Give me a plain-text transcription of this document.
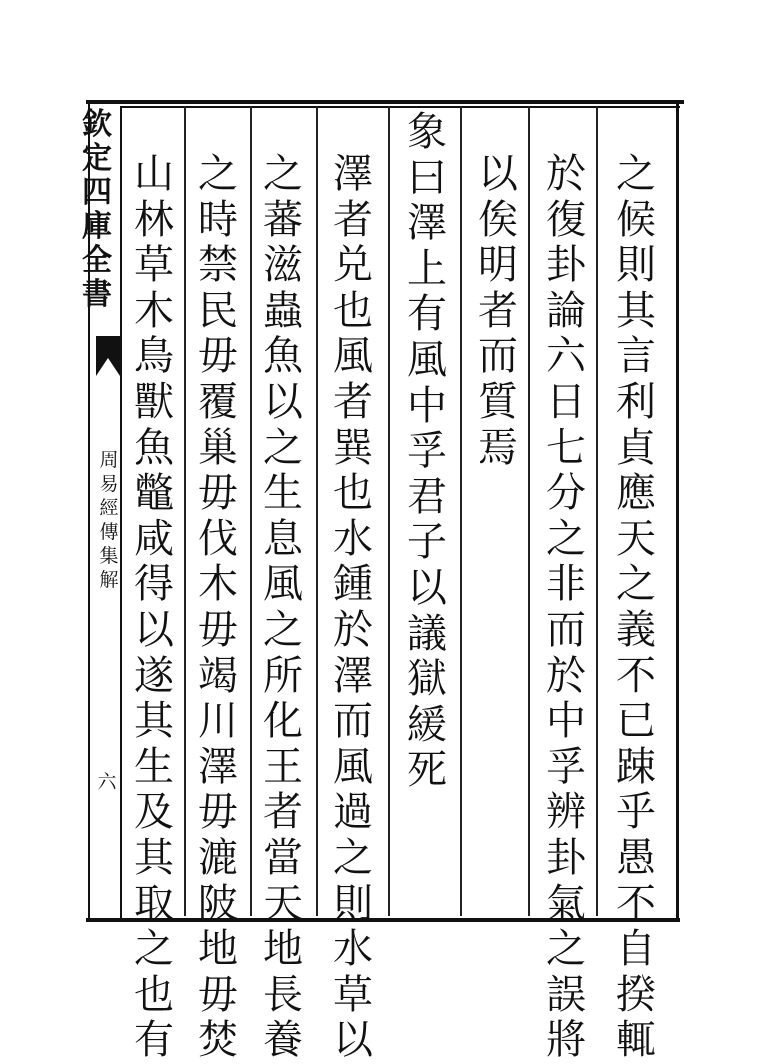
欽
定
四
庫
全
書
周
易
經
傳
集
解
六
之
候
則
其
言
利
貞
應
天
之
義
不
已
踈
乎
愚
不
自
揆
輒
於
復
卦
論
六
日
七
分
之
非
而
於
中
孚
辨
卦
氣
之
誤
將
以
俟
明
者
而
質
焉
象
曰
澤
上
有
風
中
孚
君
子
以
議
獄
緩
死
澤
者
兑
也
風
者
巽
也
水
鍾
於
澤
而
風
過
之
則
水
草
以
之
蕃
滋
蟲
魚
以
之
生
息
風
之
所
化
王
者
當
天
地
長
養
之
時
禁
民
毋
覆
巢
毋
伐
木
毋
竭
川
澤
毋
漉
陂
地
毋
焚
山
林
草
木
鳥
獸
魚
鼈
咸
得
以
遂
其
生
及
其
取
之
也
有
